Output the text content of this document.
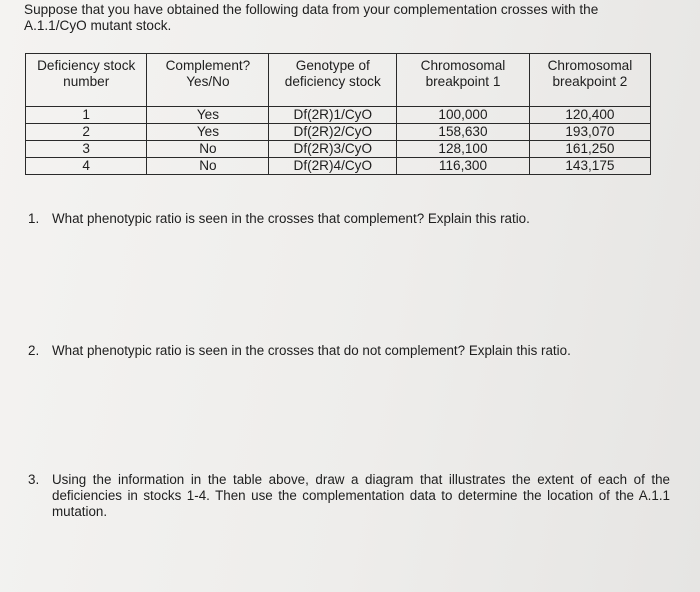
Suppose that you have obtained the following data from your complementation crosses with the
A.1.1/CyO mutant stock.
Deficiency stock number	Complement? Yes/No	Genotype of deficiency stock	Chromosomal breakpoint 1	Chromosomal breakpoint 2
1	Yes	Df(2R)1/CyO	100,000	120,400
2	Yes	Df(2R)2/CyO	158,630	193,070
3	No	Df(2R)3/CyO	128,100	161,250
4	No	Df(2R)4/CyO	116,300	143,175
1. What phenotypic ratio is seen in the crosses that complement? Explain this ratio.
2. What phenotypic ratio is seen in the crosses that do not complement? Explain this ratio.
3. Using the information in the table above, draw a diagram that illustrates the extent of each of the deficiencies in stocks 1-4. Then use the complementation data to determine the location of the A.1.1 mutation.
